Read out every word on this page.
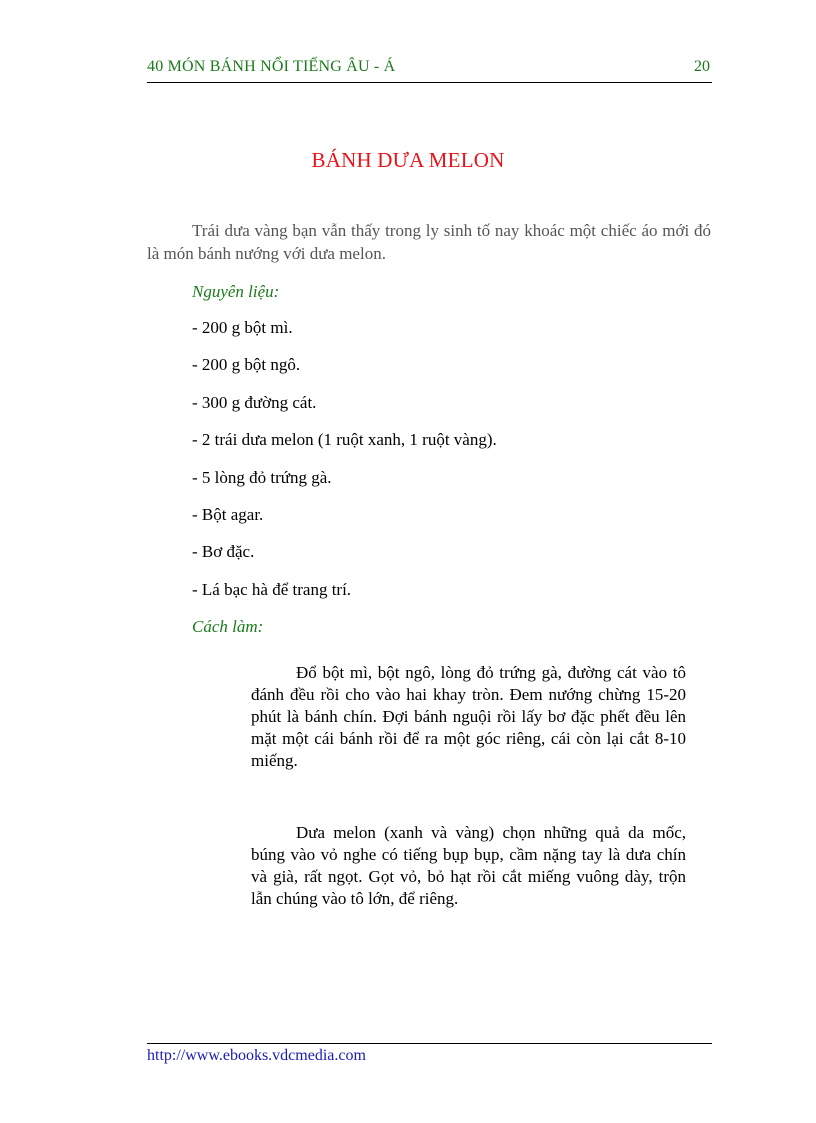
40 MÓN BÁNH NỔI TIẾNG ÂU - Á	20
BÁNH DƯA MELON

Trái dưa vàng bạn vẫn thấy trong ly sinh tố nay khoác một chiếc áo mới đó là món bánh nướng với dưa melon.

Nguyên liệu:
- 200 g bột mì.
- 200 g bột ngô.
- 300 g đường cát.
- 2 trái dưa melon (1 ruột xanh, 1 ruột vàng).
- 5 lòng đỏ trứng gà.
- Bột agar.
- Bơ đặc.
- Lá bạc hà để trang trí.
Cách làm:

Đổ bột mì, bột ngô, lòng đỏ trứng gà, đường cát vào tô đánh đều rồi cho vào hai khay tròn. Đem nướng chừng 15-20 phút là bánh chín. Đợi bánh nguội rồi lấy bơ đặc phết đều lên mặt một cái bánh rồi để ra một góc riêng, cái còn lại cắt 8-10 miếng.

Dưa melon (xanh và vàng) chọn những quả da mốc, búng vào vỏ nghe có tiếng bụp bụp, cầm nặng tay là dưa chín và già, rất ngọt. Gọt vỏ, bỏ hạt rồi cắt miếng vuông dày, trộn lẫn chúng vào tô lớn, để riêng.

http://www.ebooks.vdcmedia.com
